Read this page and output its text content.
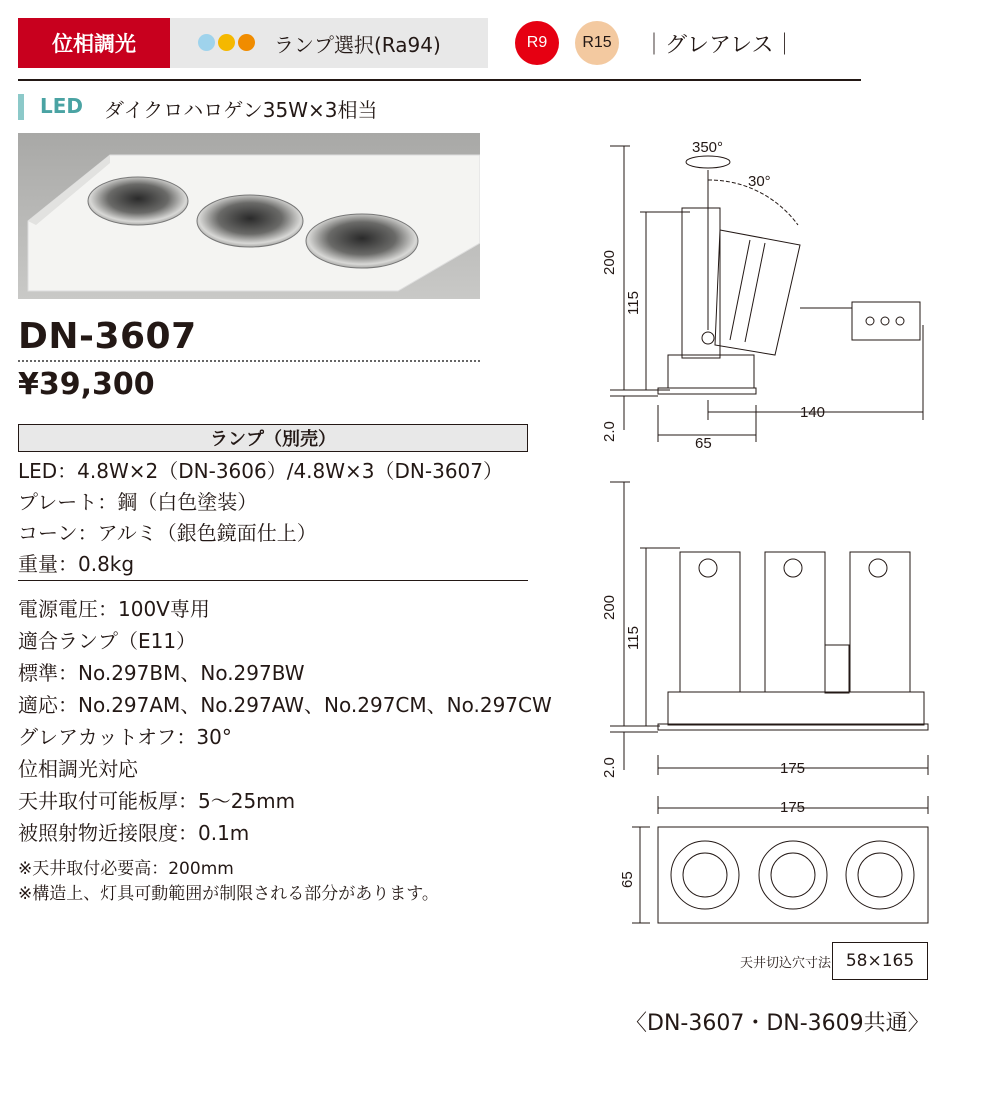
位相調光	ランプ選択(Ra94)	R9	R15	｜グレアレス｜
LED ダイクロハロゲン35W×3相当
DN-3607
¥39,300
ランプ（別売）
LED：4.8W×2（DN-3606）/4.8W×3（DN-3607）
プレート：鋼（白色塗装）
コーン：アルミ（銀色鏡面仕上）
重量：0.8kg
電源電圧：100V専用
適合ランプ（E11）
標準：No.297BM、No.297BW
適応：No.297AM、No.297AW、No.297CM、No.297CW
グレアカットオフ：30°
位相調光対応
天井取付可能板厚：5〜25mm
被照射物近接限度：0.1m
※天井取付必要高：200mm
※構造上、灯具可動範囲が制限される部分があります。
350°
30°
200
115
2.0
65
140
200
115
2.0	175
175
65
天井切込穴寸法 58×165
〈DN-3607・DN-3609共通〉
